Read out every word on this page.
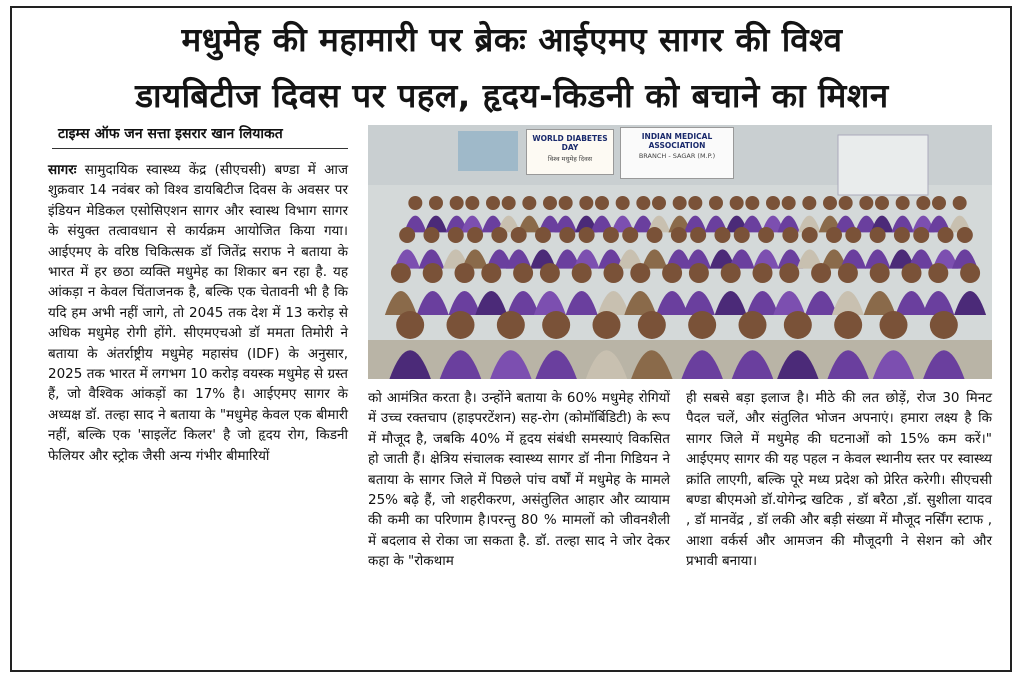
मधुमेह की महामारी पर ब्रेकः आईएमए सागर की विश्व
डायबिटीज दिवस पर पहल, हृदय-किडनी को बचाने का मिशन
टाइम्स ऑफ जन सत्ता इसरार खान लियाकत

सागरः सामुदायिक स्वास्थ्य केंद्र (सीएचसी) बण्डा में आज शुक्रवार 14 नवंबर को विश्व डायबिटीज दिवस के अवसर पर इंडियन मेडिकल एसोसिएशन सागर और स्वास्थ विभाग सागर के संयुक्त तत्वावधान से कार्यक्रम आयोजित किया गया। आईएमए के वरिष्ठ चिकित्सक डॉ जितेंद्र सराफ ने बताया के भारत में हर छठा व्यक्ति मधुमेह का शिकार बन रहा है. यह आंकड़ा न केवल चिंताजनक है, बल्कि एक चेतावनी भी है कि यदि हम अभी नहीं जागे, तो 2045 तक देश में 13 करोड़ से अधिक मधुमेह रोगी होंगे. सीएमएचओ डॉ ममता तिमोरी ने बताया के अंतर्राष्ट्रीय मधुमेह महासंघ (IDF) के अनुसार, 2025 तक भारत में लगभग 10 करोड़ वयस्क मधुमेह से ग्रस्त हैं, जो वैश्विक आंकड़ों का 17% है। आईएमए सागर के अध्यक्ष डॉ. तल्हा साद ने बताया के "मधुमेह केवल एक बीमारी नहीं, बल्कि एक 'साइलेंट किलर' है जो हृदय रोग, किडनी फेलियर और स्ट्रोक जैसी अन्य गंभीर बीमारियों

WORLD DIABETES DAY
विश्व मधुमेह दिवस
INDIAN MEDICAL ASSOCIATION
BRANCH - SAGAR (M.P.)

को आमंत्रित करता है। उन्होंने बताया के 60% मधुमेह रोगियों में उच्च रक्तचाप (हाइपरटेंशन) सह-रोग (कोमॉर्बिडिटी) के रूप में मौजूद है, जबकि 40% में हृदय संबंधी समस्याएं विकसित हो जाती हैं। क्षेत्रिय संचालक स्वास्थ्य सागर डॉ नीना गिडियन ने बताया के सागर जिले में पिछले पांच वर्षों में मधुमेह के मामले 25% बढ़े हैं, जो शहरीकरण, असंतुलित आहार और व्यायाम की कमी का परिणाम है।परन्तु 80 % मामलों को जीवनशैली में बदलाव से रोका जा सकता है. डॉ. तल्हा साद ने जोर देकर कहा के "रोकथाम

ही सबसे बड़ा इलाज है। मीठे की लत छोड़ें, रोज 30 मिनट पैदल चलें, और संतुलित भोजन अपनाएं। हमारा लक्ष्य है कि सागर जिले में मधुमेह की घटनाओं को 15% कम करें।" आईएमए सागर की यह पहल न केवल स्थानीय स्तर पर स्वास्थ्य क्रांति लाएगी, बल्कि पूरे मध्य प्रदेश को प्रेरित करेगी। सीएचसी बण्डा बीएमओ डॉ.योगेन्द्र खटिक , डॉ बरैठा ,डॉ. सुशीला यादव , डॉ मानवेंद्र , डॉ लकी और बड़ी संख्या में मौजूद नर्सिंग स्टाफ , आशा वर्कर्स और आमजन की मौजूदगी ने सेशन को और प्रभावी बनाया।
